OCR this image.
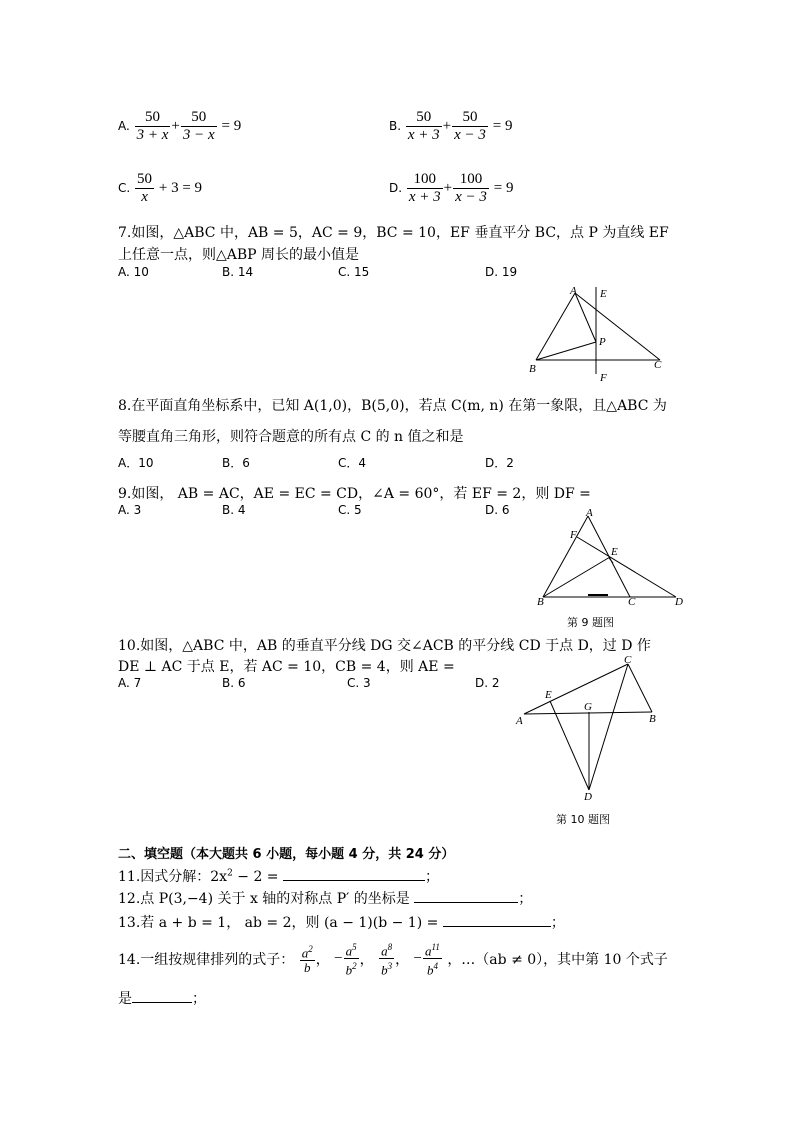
A. $\frac{50}{3 + x} + \frac{50}{3 - x} = 9$	B. $\frac{50}{x + 3} + \frac{50}{x - 3} = 9$
C. $\frac{50}{x} + 3 = 9$	D. $\frac{100}{x + 3} + \frac{100}{x - 3} = 9$
7.如图，△ABC 中，AB = 5，AC = 9，BC = 10，EF 垂直平分 BC，点 P 为直线 EF
上任意一点，则△ABP 周长的最小值是
A. 10	B. 14	C. 15	D. 19
A E
P
B	C
F
8.在平面直角坐标系中，已知 A(1,0)，B(5,0)，若点 C(m, n) 在第一象限，且△ABC 为
等腰直角三角形，则符合题意的所有点 C 的 n 值之和是
A．10	B．6	C．4	D．2
9.如图， AB = AC，AE = EC = CD，∠A = 60°，若 EF = 2，则 DF =
A. 3	B. 4	C. 5	D. 6	A
F
E
B	C	D
第 9 题图
10.如图，△ABC 中，AB 的垂直平分线 DG 交∠ACB 的平分线 CD 于点 D，过 D 作
DE ⊥ AC 于点 E，若 AC = 10，CB = 4，则 AE =
A. 7	B. 6	C. 3	D. 2
C
E
G
A	B
D
第 10 题图
二、填空题（本大题共 6 小题，每小题 4 分，共 24 分）
11.因式分解：$2x^2 - 2$ =	；
12.点 P(3,−4) 关于 x 轴的对称点 P′ 的坐标是	；
13.若 a + b = 1， ab = 2，则 (a − 1)(b − 1) =	；
14.一组按规律排列的式子： $\frac{a^2}{b}$ ， − $\frac{a^5}{b^2}$ ， $\frac{a^8}{b^3}$ ， − $\frac{a^{11}}{b^4}$ ，…（ab ≠ 0），其中第 10 个式子
是	；
